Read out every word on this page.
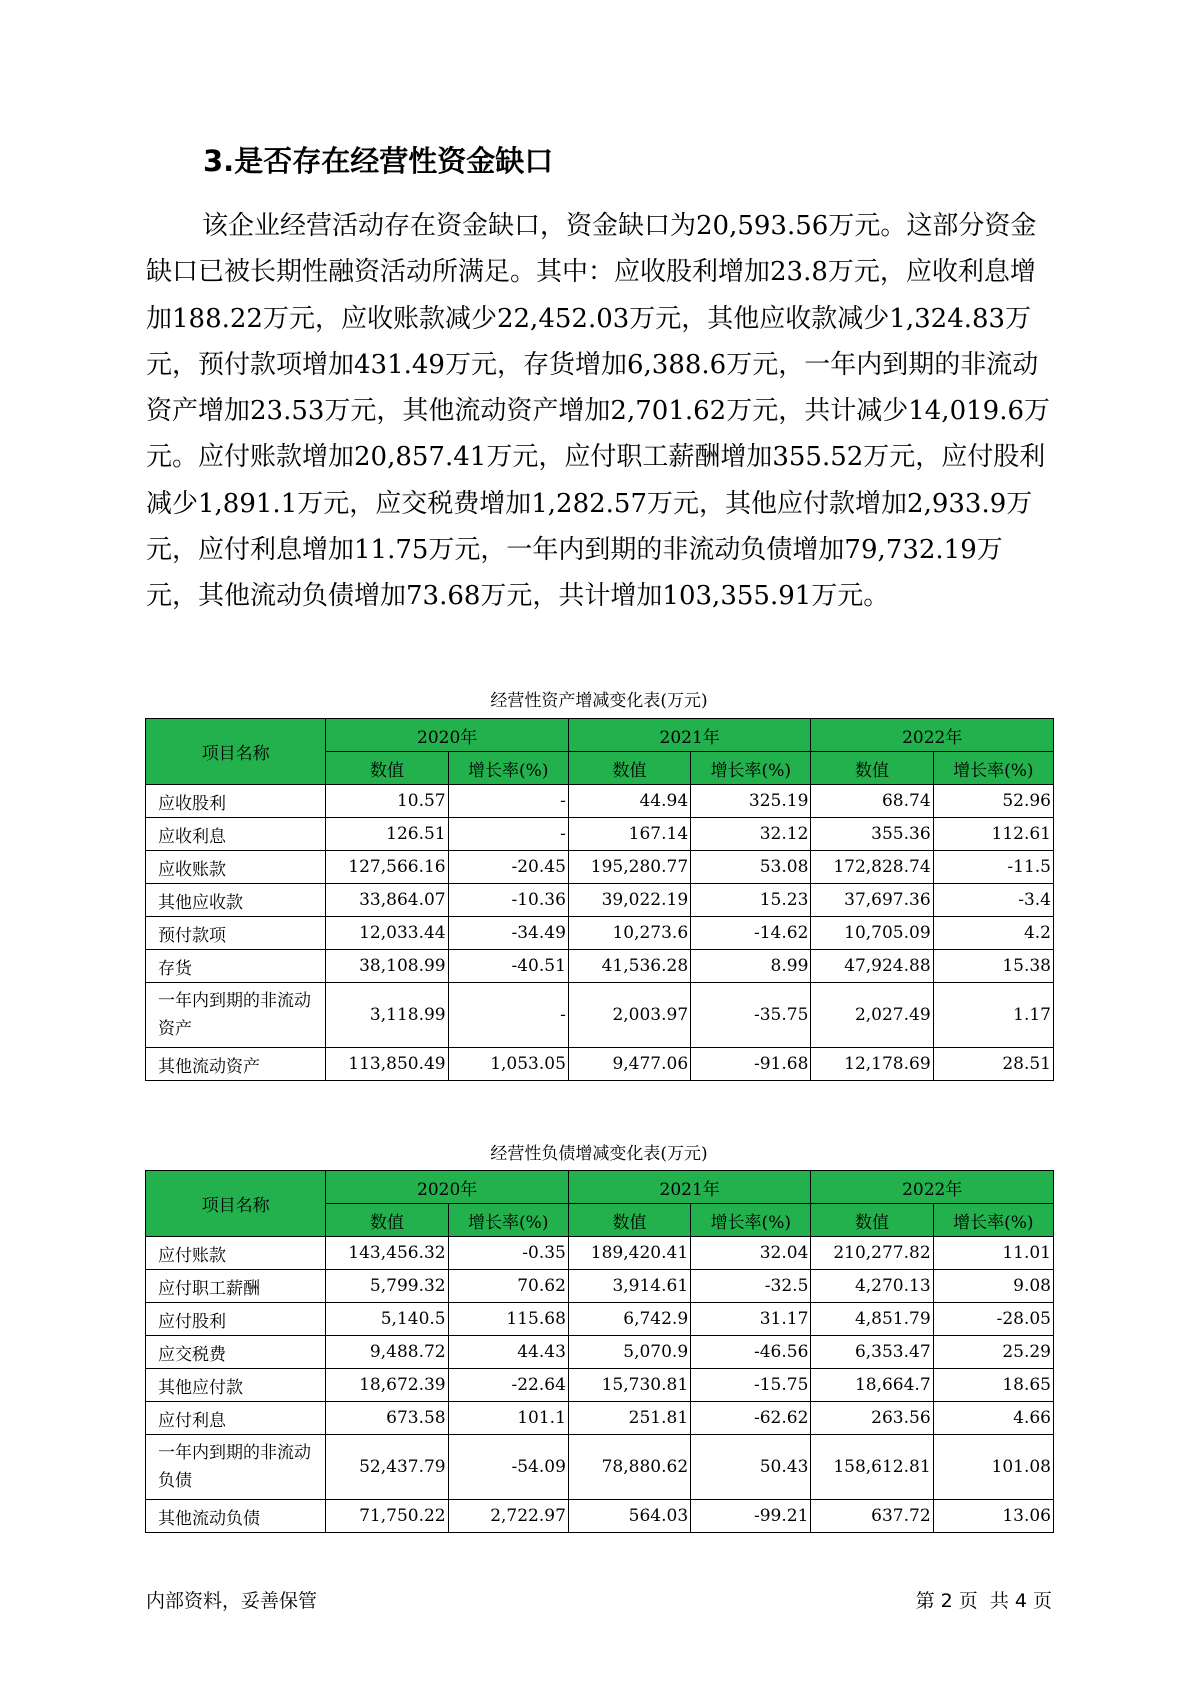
3.是否存在经营性资金缺口

该企业经营活动存在资金缺口，资金缺口为20,593.56万元。这部分资金缺口已被长期性融资活动所满足。其中：应收股利增加23.8万元，应收利息增加188.22万元，应收账款减少22,452.03万元，其他应收款减少1,324.83万元，预付款项增加431.49万元，存货增加6,388.6万元，一年内到期的非流动资产增加23.53万元，其他流动资产增加2,701.62万元，共计减少14,019.6万元。应付账款增加20,857.41万元，应付职工薪酬增加355.52万元，应付股利减少1,891.1万元，应交税费增加1,282.57万元，其他应付款增加2,933.9万元，应付利息增加11.75万元，一年内到期的非流动负债增加79,732.19万元，其他流动负债增加73.68万元，共计增加103,355.91万元。

经营性资产增减变化表(万元)
项目名称	2020年		2021年		2022年	
	数值	增长率(%)	数值	增长率(%)	数值	增长率(%)
应收股利	10.57	-	44.94	325.19	68.74	52.96
应收利息	126.51	-	167.14	32.12	355.36	112.61
应收账款	127,566.16	-20.45	195,280.77	53.08	172,828.74	-11.5
其他应收款	33,864.07	-10.36	39,022.19	15.23	37,697.36	-3.4
预付款项	12,033.44	-34.49	10,273.6	-14.62	10,705.09	4.2
存货	38,108.99	-40.51	41,536.28	8.99	47,924.88	15.38
一年内到期的非流动资产	3,118.99	-	2,003.97	-35.75	2,027.49	1.17
其他流动资产	113,850.49	1,053.05	9,477.06	-91.68	12,178.69	28.51
经营性负债增减变化表(万元)
项目名称	2020年		2021年		2022年	
	数值	增长率(%)	数值	增长率(%)	数值	增长率(%)
应付账款	143,456.32	-0.35	189,420.41	32.04	210,277.82	11.01
应付职工薪酬	5,799.32	70.62	3,914.61	-32.5	4,270.13	9.08
应付股利	5,140.5	115.68	6,742.9	31.17	4,851.79	-28.05
应交税费	9,488.72	44.43	5,070.9	-46.56	6,353.47	25.29
其他应付款	18,672.39	-22.64	15,730.81	-15.75	18,664.7	18.65
应付利息	673.58	101.1	251.81	-62.62	263.56	4.66
一年内到期的非流动负债	52,437.79	-54.09	78,880.62	50.43	158,612.81	101.08
其他流动负债	71,750.22	2,722.97	564.03	-99.21	637.72	13.06
内部资料，妥善保管	第 2 页  共 4 页
